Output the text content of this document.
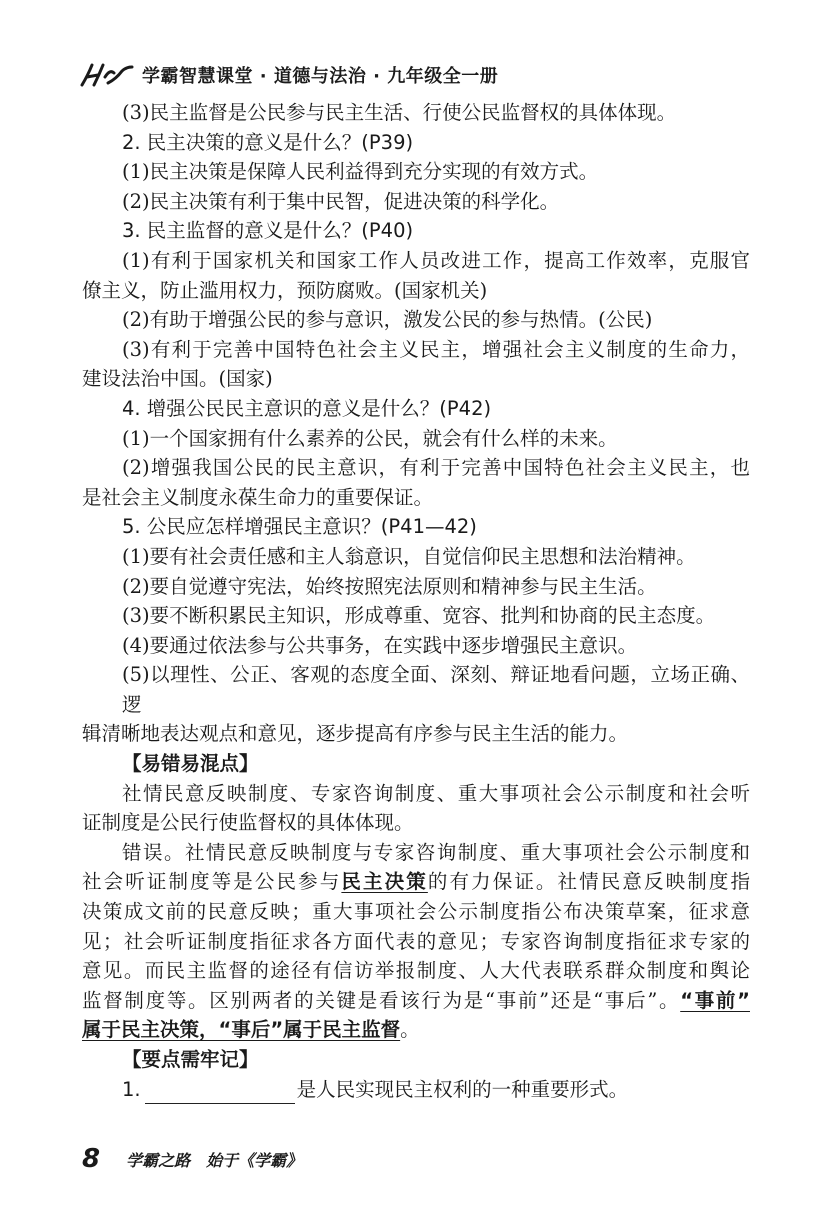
学霸智慧课堂 · 道德与法治 · 九年级全一册
(3)民主监督是公民参与民主生活、行使公民监督权的具体体现。
2. 民主决策的意义是什么？(P39)
(1)民主决策是保障人民利益得到充分实现的有效方式。
(2)民主决策有利于集中民智，促进决策的科学化。
3. 民主监督的意义是什么？(P40)
(1)有利于国家机关和国家工作人员改进工作，提高工作效率，克服官
僚主义，防止滥用权力，预防腐败。(国家机关)
(2)有助于增强公民的参与意识，激发公民的参与热情。(公民)
(3)有利于完善中国特色社会主义民主，增强社会主义制度的生命力，
建设法治中国。(国家)
4. 增强公民民主意识的意义是什么？(P42)
(1)一个国家拥有什么素养的公民，就会有什么样的未来。
(2)增强我国公民的民主意识，有利于完善中国特色社会主义民主，也
是社会主义制度永葆生命力的重要保证。
5. 公民应怎样增强民主意识？(P41—42)
(1)要有社会责任感和主人翁意识，自觉信仰民主思想和法治精神。
(2)要自觉遵守宪法，始终按照宪法原则和精神参与民主生活。
(3)要不断积累民主知识，形成尊重、宽容、批判和协商的民主态度。
(4)要通过依法参与公共事务，在实践中逐步增强民主意识。
(5)以理性、公正、客观的态度全面、深刻、辩证地看问题，立场正确、逻
辑清晰地表达观点和意见，逐步提高有序参与民主生活的能力。
【易错易混点】
社情民意反映制度、专家咨询制度、重大事项社会公示制度和社会听
证制度是公民行使监督权的具体体现。
错误。社情民意反映制度与专家咨询制度、重大事项社会公示制度和
社会听证制度等是公民参与民主决策的有力保证。社情民意反映制度指
决策成文前的民意反映；重大事项社会公示制度指公布决策草案，征求意
见；社会听证制度指征求各方面代表的意见；专家咨询制度指征求专家的
意见。而民主监督的途径有信访举报制度、人大代表联系群众制度和舆论
监督制度等。区别两者的关键是看该行为是“事前”还是“事后”。“事前”
属于民主决策，“事后”属于民主监督。
【要点需牢记】
1.	是人民实现民主权利的一种重要形式。
8 学霸之路　始于《学霸》
